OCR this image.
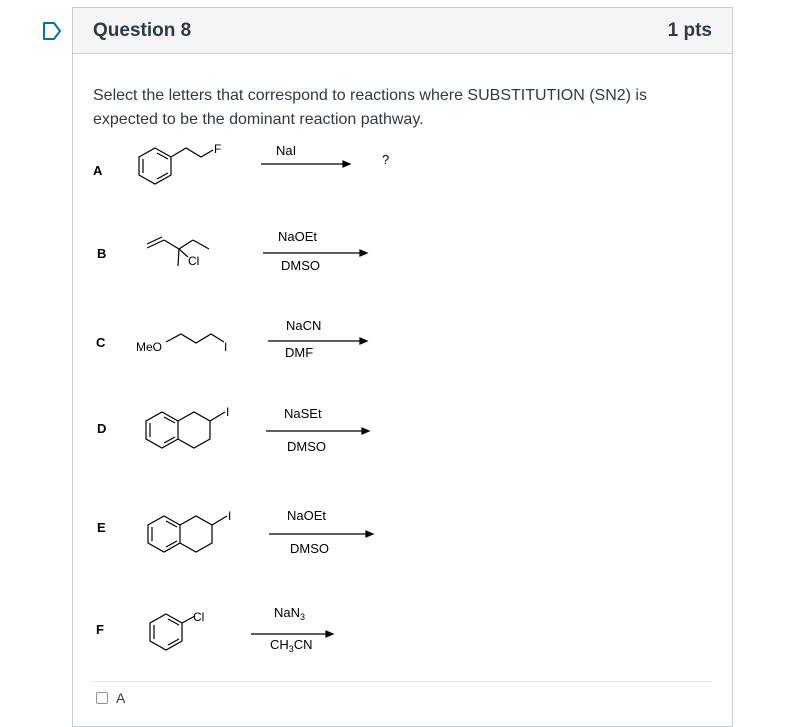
Question 8	1 pts
Select the letters that correspond to reactions where SUBSTITUTION (SN2) is expected to be the dominant reaction pathway.
A
B
C
D
E
F
F
Cl
MeO	I
I
I
Cl
NaI
?
NaOEt
DMSO
NaCN
DMF
NaSEt
DMSO
NaOEt
DMSO
NaN$_3$
$CH_3CN$
A
